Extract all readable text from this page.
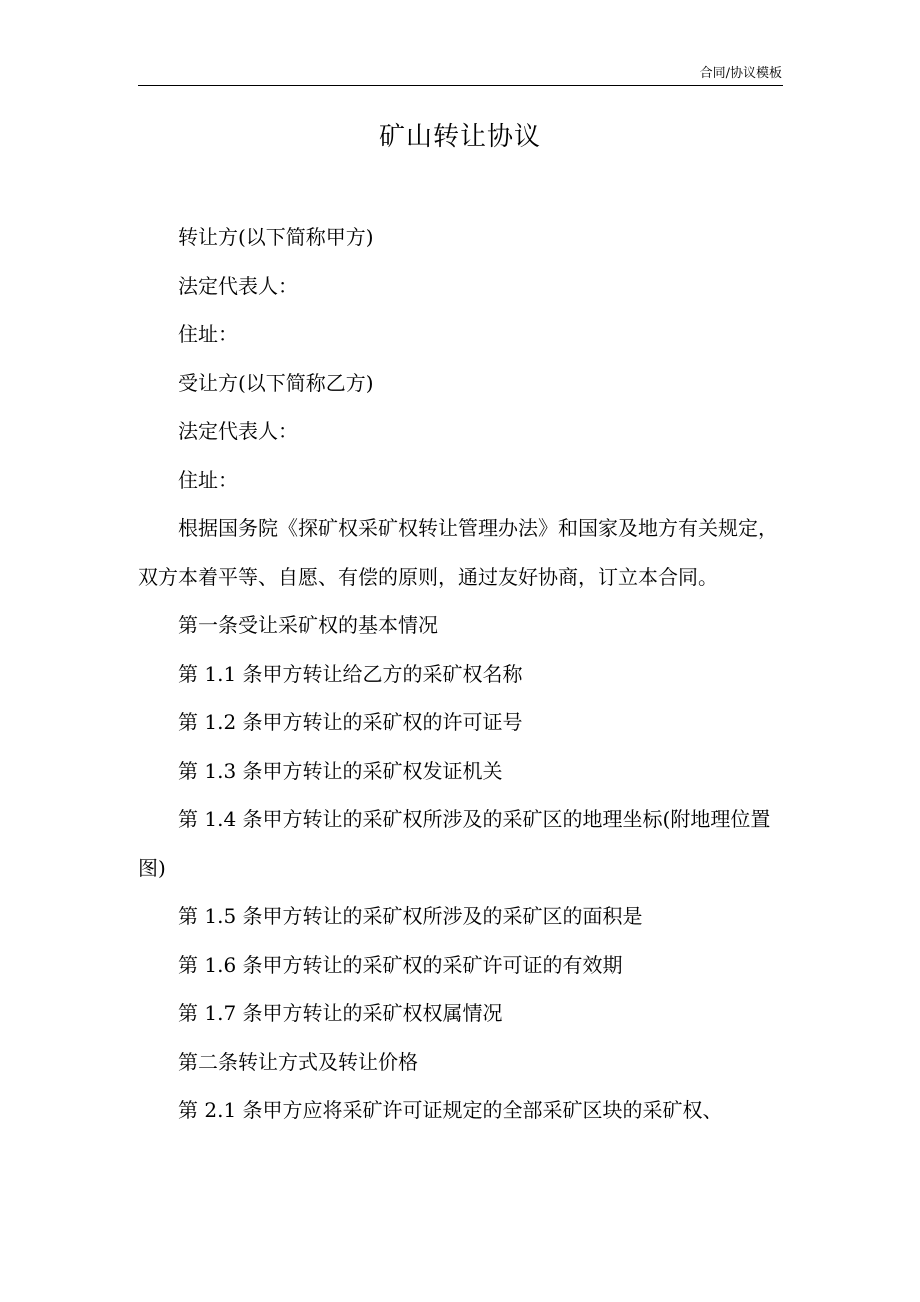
合同/协议模板
矿山转让协议

转让方(以下简称甲方)

法定代表人：

住址：

受让方(以下简称乙方)

法定代表人：

住址：

根据国务院《探矿权采矿权转让管理办法》和国家及地方有关规定，双方本着平等、自愿、有偿的原则，通过友好协商，订立本合同。

第一条受让采矿权的基本情况

第 1.1 条甲方转让给乙方的采矿权名称

第 1.2 条甲方转让的采矿权的许可证号

第 1.3 条甲方转让的采矿权发证机关

第 1.4 条甲方转让的采矿权所涉及的采矿区的地理坐标(附地理位置图)

第 1.5 条甲方转让的采矿权所涉及的采矿区的面积是

第 1.6 条甲方转让的采矿权的采矿许可证的有效期

第 1.7 条甲方转让的采矿权权属情况

第二条转让方式及转让价格

第 2.1 条甲方应将采矿许可证规定的全部采矿区块的采矿权、
